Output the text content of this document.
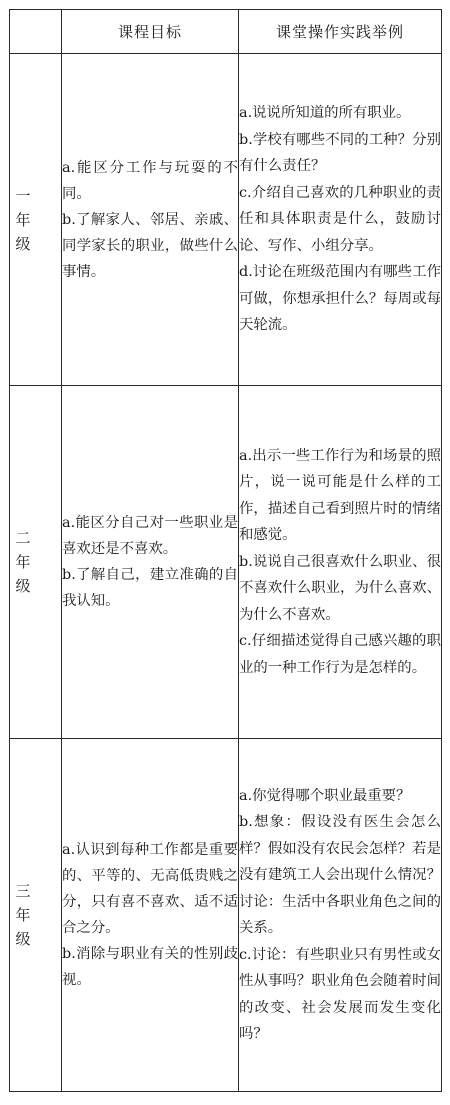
	课程目标	课堂操作实践举例
一年级	a.能区分工作与玩耍的不同。
b.了解家人、邻居、亲戚、同学家长的职业，做些什么事情。	a.说说所知道的所有职业。
b.学校有哪些不同的工种？分别有什么责任？
c.介绍自己喜欢的几种职业的责任和具体职责是什么，鼓励讨论、写作、小组分享。
d.讨论在班级范围内有哪些工作可做，你想承担什么？每周或每天轮流。

二年级	a.能区分自己对一些职业是喜欢还是不喜欢。
b.了解自己，建立准确的自我认知。	a.出示一些工作行为和场景的照片，说一说可能是什么样的工作，描述自己看到照片时的情绪和感觉。
b.说说自己很喜欢什么职业、很不喜欢什么职业，为什么喜欢、为什么不喜欢。
c.仔细描述觉得自己感兴趣的职业的一种工作行为是怎样的。

三年级	a.认识到每种工作都是重要的、平等的、无高低贵贱之分，只有喜不喜欢、适不适合之分。
b.消除与职业有关的性别歧视。	a.你觉得哪个职业最重要？
b.想象：假设没有医生会怎么样？假如没有农民会怎样？若是没有建筑工人会出现什么情况？讨论：生活中各职业角色之间的关系。
c.讨论：有些职业只有男性或女性从事吗？职业角色会随着时间的改变、社会发展而发生变化吗？
